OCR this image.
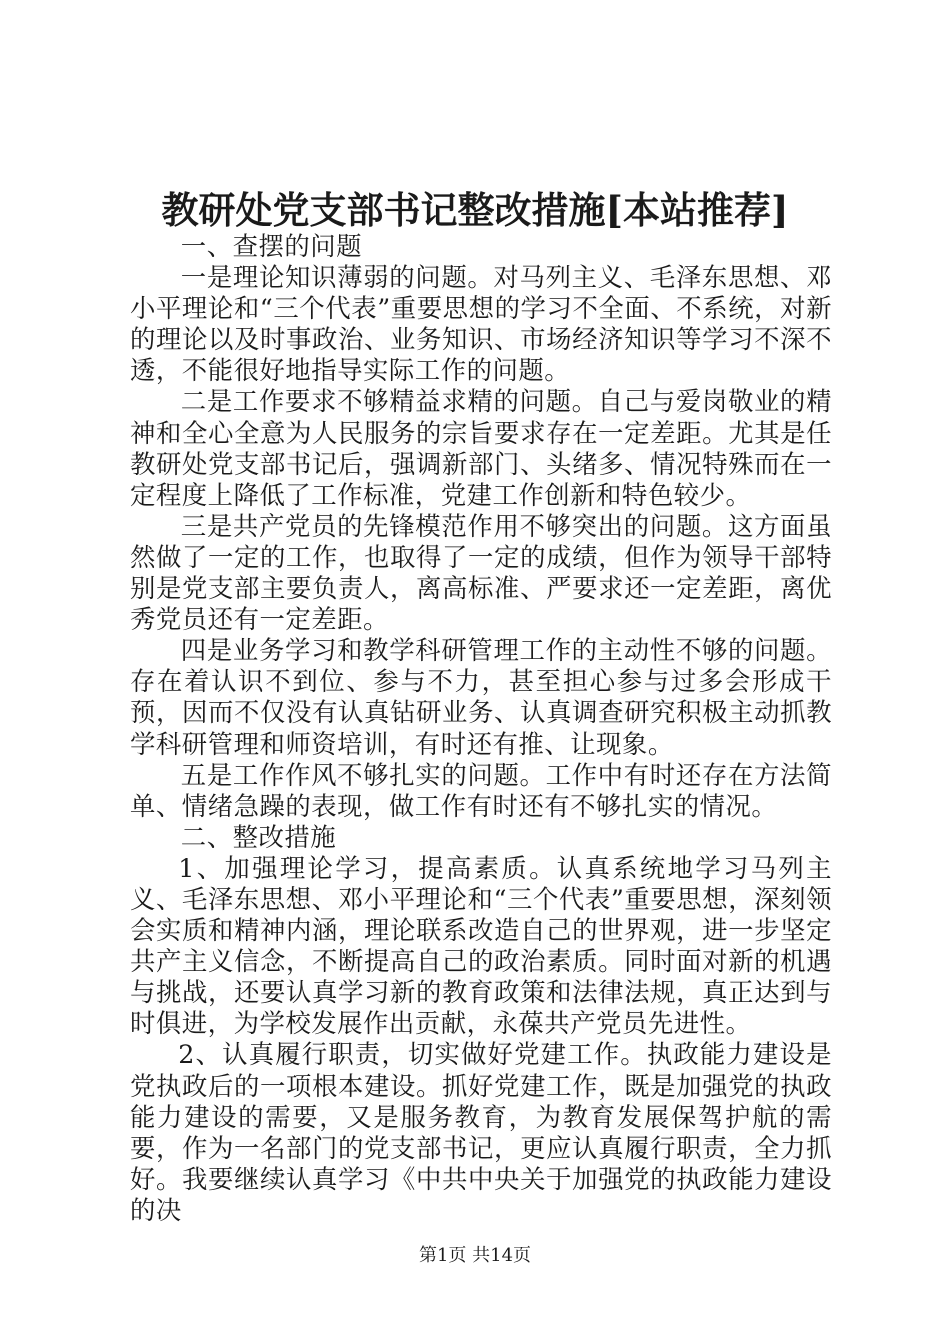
教研处党支部书记整改措施[本站推荐]

一、查摆的问题

一是理论知识薄弱的问题。对马列主义、毛泽东思想、邓小平理论和“三个代表”重要思想的学习不全面、不系统，对新的理论以及时事政治、业务知识、市场经济知识等学习不深不透，不能很好地指导实际工作的问题。

二是工作要求不够精益求精的问题。自己与爱岗敬业的精神和全心全意为人民服务的宗旨要求存在一定差距。尤其是任教研处党支部书记后，强调新部门、头绪多、情况特殊而在一定程度上降低了工作标准，党建工作创新和特色较少。

三是共产党员的先锋模范作用不够突出的问题。这方面虽然做了一定的工作，也取得了一定的成绩，但作为领导干部特别是党支部主要负责人，离高标准、严要求还一定差距，离优秀党员还有一定差距。

四是业务学习和教学科研管理工作的主动性不够的问题。存在着认识不到位、参与不力，甚至担心参与过多会形成干预，因而不仅没有认真钻研业务、认真调查研究积极主动抓教学科研管理和师资培训，有时还有推、让现象。

五是工作作风不够扎实的问题。工作中有时还存在方法简单、情绪急躁的表现，做工作有时还有不够扎实的情况。

二、整改措施

1、加强理论学习，提高素质。认真系统地学习马列主义、毛泽东思想、邓小平理论和“三个代表”重要思想，深刻领会实质和精神内涵，理论联系改造自己的世界观，进一步坚定共产主义信念，不断提高自己的政治素质。同时面对新的机遇与挑战，还要认真学习新的教育政策和法律法规，真正达到与时俱进，为学校发展作出贡献，永葆共产党员先进性。

2、认真履行职责，切实做好党建工作。执政能力建设是党执政后的一项根本建设。抓好党建工作，既是加强党的执政能力建设的需要，又是服务教育，为教育发展保驾护航的需要，作为一名部门的党支部书记，更应认真履行职责，全力抓好。我要继续认真学习《中共中央关于加强党的执政能力建设的决

第1页 共14页
